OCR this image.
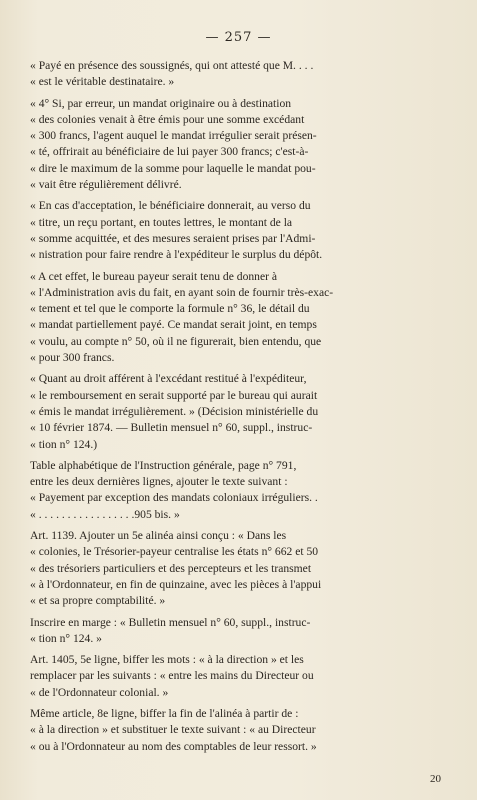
— 257 —
« Payé en présence des soussignés, qui ont attesté que M. . . .
« est le véritable destinataire. »
« 4° Si, par erreur, un mandat originaire ou à destination
« des colonies venait à être émis pour une somme excédant
« 300 francs, l'agent auquel le mandat irrégulier serait présen-
« té, offrirait au bénéficiaire de lui payer 300 francs; c'est-à-
« dire le maximum de la somme pour laquelle le mandat pou-
« vait être régulièrement délivré.
« En cas d'acceptation, le bénéficiaire donnerait, au verso du
« titre, un reçu portant, en toutes lettres, le montant de la
« somme acquittée, et des mesures seraient prises par l'Admi-
« nistration pour faire rendre à l'expéditeur le surplus du dépôt.
« A cet effet, le bureau payeur serait tenu de donner à
« l'Administration avis du fait, en ayant soin de fournir très-exac-
« tement et tel que le comporte la formule n° 36, le détail du
« mandat partiellement payé. Ce mandat serait joint, en temps
« voulu, au compte n° 50, où il ne figurerait, bien entendu, que
« pour 300 francs.
« Quant au droit afférent à l'excédant restitué à l'expéditeur,
« le remboursement en serait supporté par le bureau qui aurait
« émis le mandat irrégulièrement. » (Décision ministérielle du
« 10 février 1874. — Bulletin mensuel n° 60, suppl., instruc-
« tion n° 124.)
Table alphabétique de l'Instruction générale, page n° 791,
entre les deux dernières lignes, ajouter le texte suivant :
« Payement par exception des mandats coloniaux irréguliers. .
« . . . . . . . . . . . . . . . . .905 bis. »
Art. 1139. Ajouter un 5e alinéa ainsi conçu : « Dans les
« colonies, le Trésorier-payeur centralise les états n° 662 et 50
« des trésoriers particuliers et des percepteurs et les transmet
« à l'Ordonnateur, en fin de quinzaine, avec les pièces à l'appui
« et sa propre comptabilité. »
Inscrire en marge : « Bulletin mensuel n° 60, suppl., instruc-
« tion n° 124. »
Art. 1405, 5e ligne, biffer les mots : « à la direction » et les
remplacer par les suivants : « entre les mains du Directeur ou
« de l'Ordonnateur colonial. »
Même article, 8e ligne, biffer la fin de l'alinéa à partir de :
« à la direction » et substituer le texte suivant : « au Directeur
« ou à l'Ordonnateur au nom des comptables de leur ressort. »
20
